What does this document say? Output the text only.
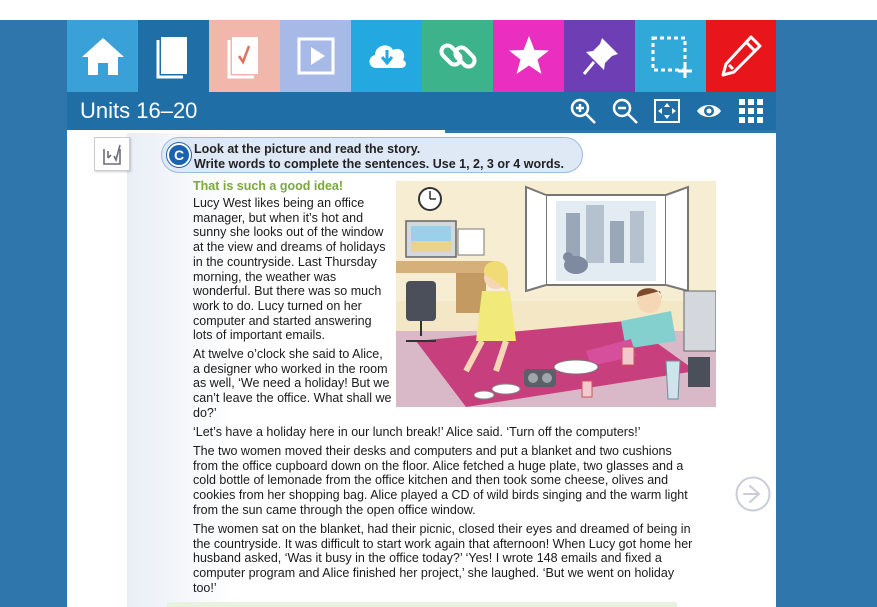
Units 16–20
C Look at the picture and read the story.
Write words to complete the sentences. Use 1, 2, 3 or 4 words.
That is such a good idea!

Lucy West likes being an office manager, but when it’s hot and sunny she looks out of the window at the view and dreams of holidays in the countryside. Last Thursday morning, the weather was wonderful. But there was so much work to do. Lucy turned on her computer and started answering lots of important emails.

At twelve o’clock she said to Alice, a designer who worked in the room as well, ‘We need a holiday! But we can’t leave the office. What shall we do?’

‘Let’s have a holiday here in our lunch break!’ Alice said. ‘Turn off the computers!’

The two women moved their desks and computers and put a blanket and two cushions from the office cupboard down on the floor. Alice fetched a huge plate, two glasses and a cold bottle of lemonade from the office kitchen and then took some cheese, olives and cookies from her shopping bag. Alice played a CD of wild birds singing and the warm light from the sun came through the open office window.

The women sat on the blanket, had their picnic, closed their eyes and dreamed of being in the countryside. It was difficult to start work again that afternoon! When Lucy got home her husband asked, ‘Was it busy in the office today?’ ‘Yes! I wrote 148 emails and fixed a computer program and Alice finished her project,’ she laughed. ‘But we went on holiday too!’
